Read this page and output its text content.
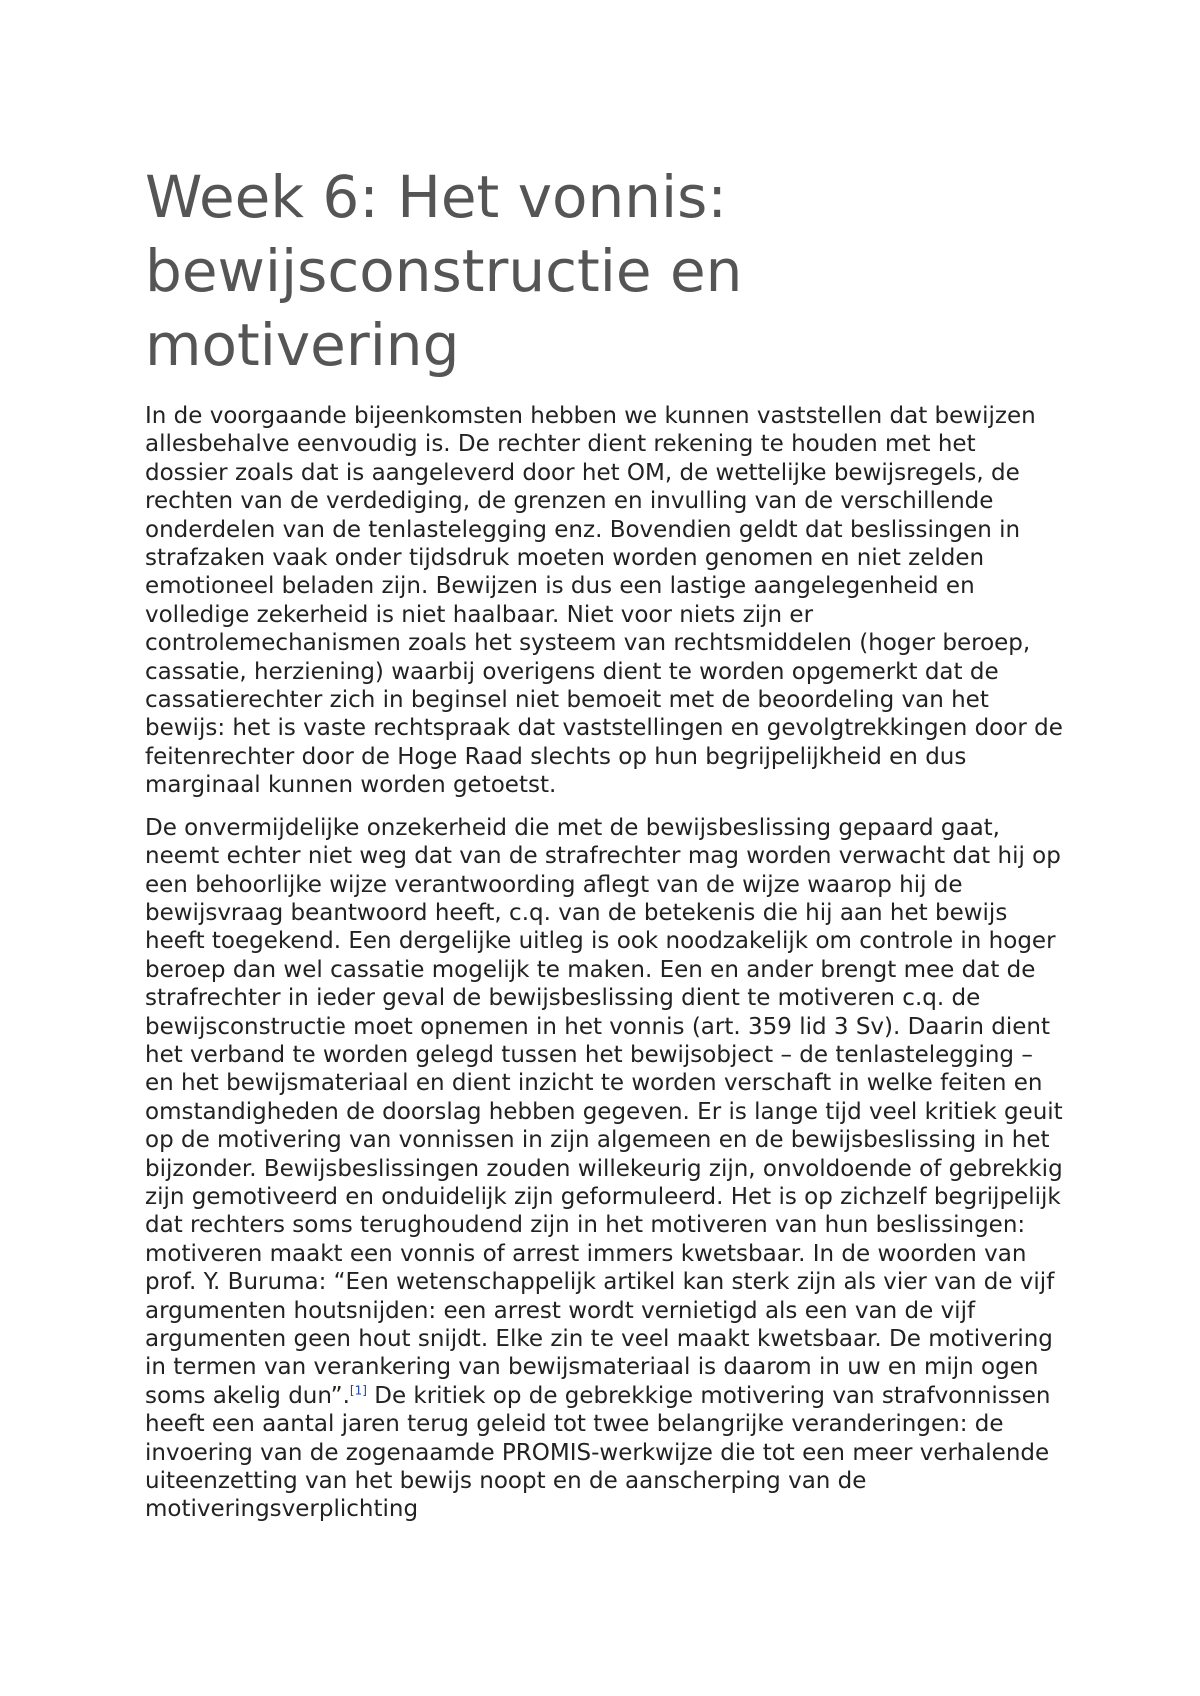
Week 6: Het vonnis: bewijsconstructie en motivering

In de voorgaande bijeenkomsten hebben we kunnen vaststellen dat bewijzen allesbehalve eenvoudig is. De rechter dient rekening te houden met het dossier zoals dat is aangeleverd door het OM, de wettelijke bewijsregels, de rechten van de verdediging, de grenzen en invulling van de verschillende onderdelen van de tenlastelegging enz. Bovendien geldt dat beslissingen in strafzaken vaak onder tijdsdruk moeten worden genomen en niet zelden emotioneel beladen zijn. Bewijzen is dus een lastige aangelegenheid en volledige zekerheid is niet haalbaar. Niet voor niets zijn er controlemechanismen zoals het systeem van rechtsmiddelen (hoger beroep, cassatie, herziening) waarbij overigens dient te worden opgemerkt dat de cassatierechter zich in beginsel niet bemoeit met de beoordeling van het bewijs: het is vaste rechtspraak dat vaststellingen en gevolgtrekkingen door de feitenrechter door de Hoge Raad slechts op hun begrijpelijkheid en dus marginaal kunnen worden getoetst.

De onvermijdelijke onzekerheid die met de bewijsbeslissing gepaard gaat, neemt echter niet weg dat van de strafrechter mag worden verwacht dat hij op een behoorlijke wijze verantwoording aflegt van de wijze waarop hij de bewijsvraag beantwoord heeft, c.q. van de betekenis die hij aan het bewijs heeft toegekend. Een dergelijke uitleg is ook noodzakelijk om controle in hoger beroep dan wel cassatie mogelijk te maken. Een en ander brengt mee dat de strafrechter in ieder geval de bewijsbeslissing dient te motiveren c.q. de bewijsconstructie moet opnemen in het vonnis (art. 359 lid 3 Sv). Daarin dient het verband te worden gelegd tussen het bewijsobject – de tenlastelegging – en het bewijsmateriaal en dient inzicht te worden verschaft in welke feiten en omstandigheden de doorslag hebben gegeven. Er is lange tijd veel kritiek geuit op de motivering van vonnissen in zijn algemeen en de bewijsbeslissing in het bijzonder. Bewijsbeslissingen zouden willekeurig zijn, onvoldoende of gebrekkig zijn gemotiveerd en onduidelijk zijn geformuleerd. Het is op zichzelf begrijpelijk dat rechters soms terughoudend zijn in het motiveren van hun beslissingen: motiveren maakt een vonnis of arrest immers kwetsbaar. In de woorden van prof. Y. Buruma: “Een wetenschappelijk artikel kan sterk zijn als vier van de vijf argumenten houtsnijden: een arrest wordt vernietigd als een van de vijf argumenten geen hout snijdt. Elke zin te veel maakt kwetsbaar. De motivering in termen van verankering van bewijsmateriaal is daarom in uw en mijn ogen soms akelig dun”.[1] De kritiek op de gebrekkige motivering van strafvonnissen heeft een aantal jaren terug geleid tot twee belangrijke veranderingen: de invoering van de zogenaamde PROMIS-werkwijze die tot een meer verhalende uiteenzetting van het bewijs noopt en de aanscherping van de motiveringsverplichting
